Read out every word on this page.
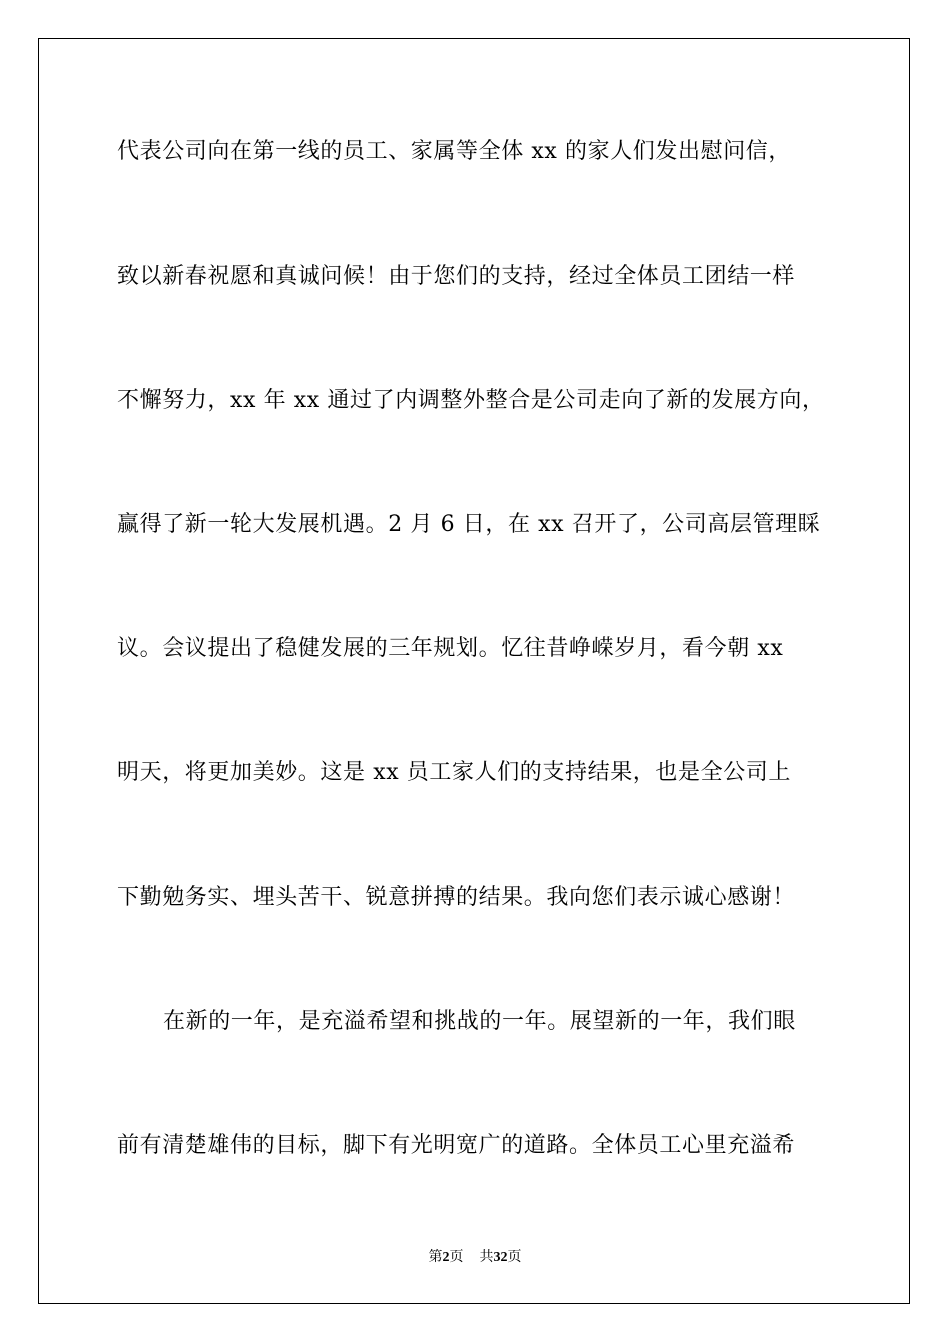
代表公司向在第一线的员工、家属等全体 xx 的家人们发出慰问信，
致以新春祝愿和真诚问候！由于您们的支持，经过全体员工团结一样
不懈努力，xx 年 xx 通过了内调整外整合是公司走向了新的发展方向，
赢得了新一轮大发展机遇。2 月 6 日，在 xx 召开了，公司高层管理睬
议。会议提出了稳健发展的三年规划。忆往昔峥嵘岁月，看今朝 xx
明天，将更加美妙。这是 xx 员工家人们的支持结果，也是全公司上
下勤勉务实、埋头苦干、锐意拼搏的结果。我向您们表示诚心感谢！
在新的一年，是充溢希望和挑战的一年。展望新的一年，我们眼
前有清楚雄伟的目标，脚下有光明宽广的道路。全体员工心里充溢希
第2页 共32页
